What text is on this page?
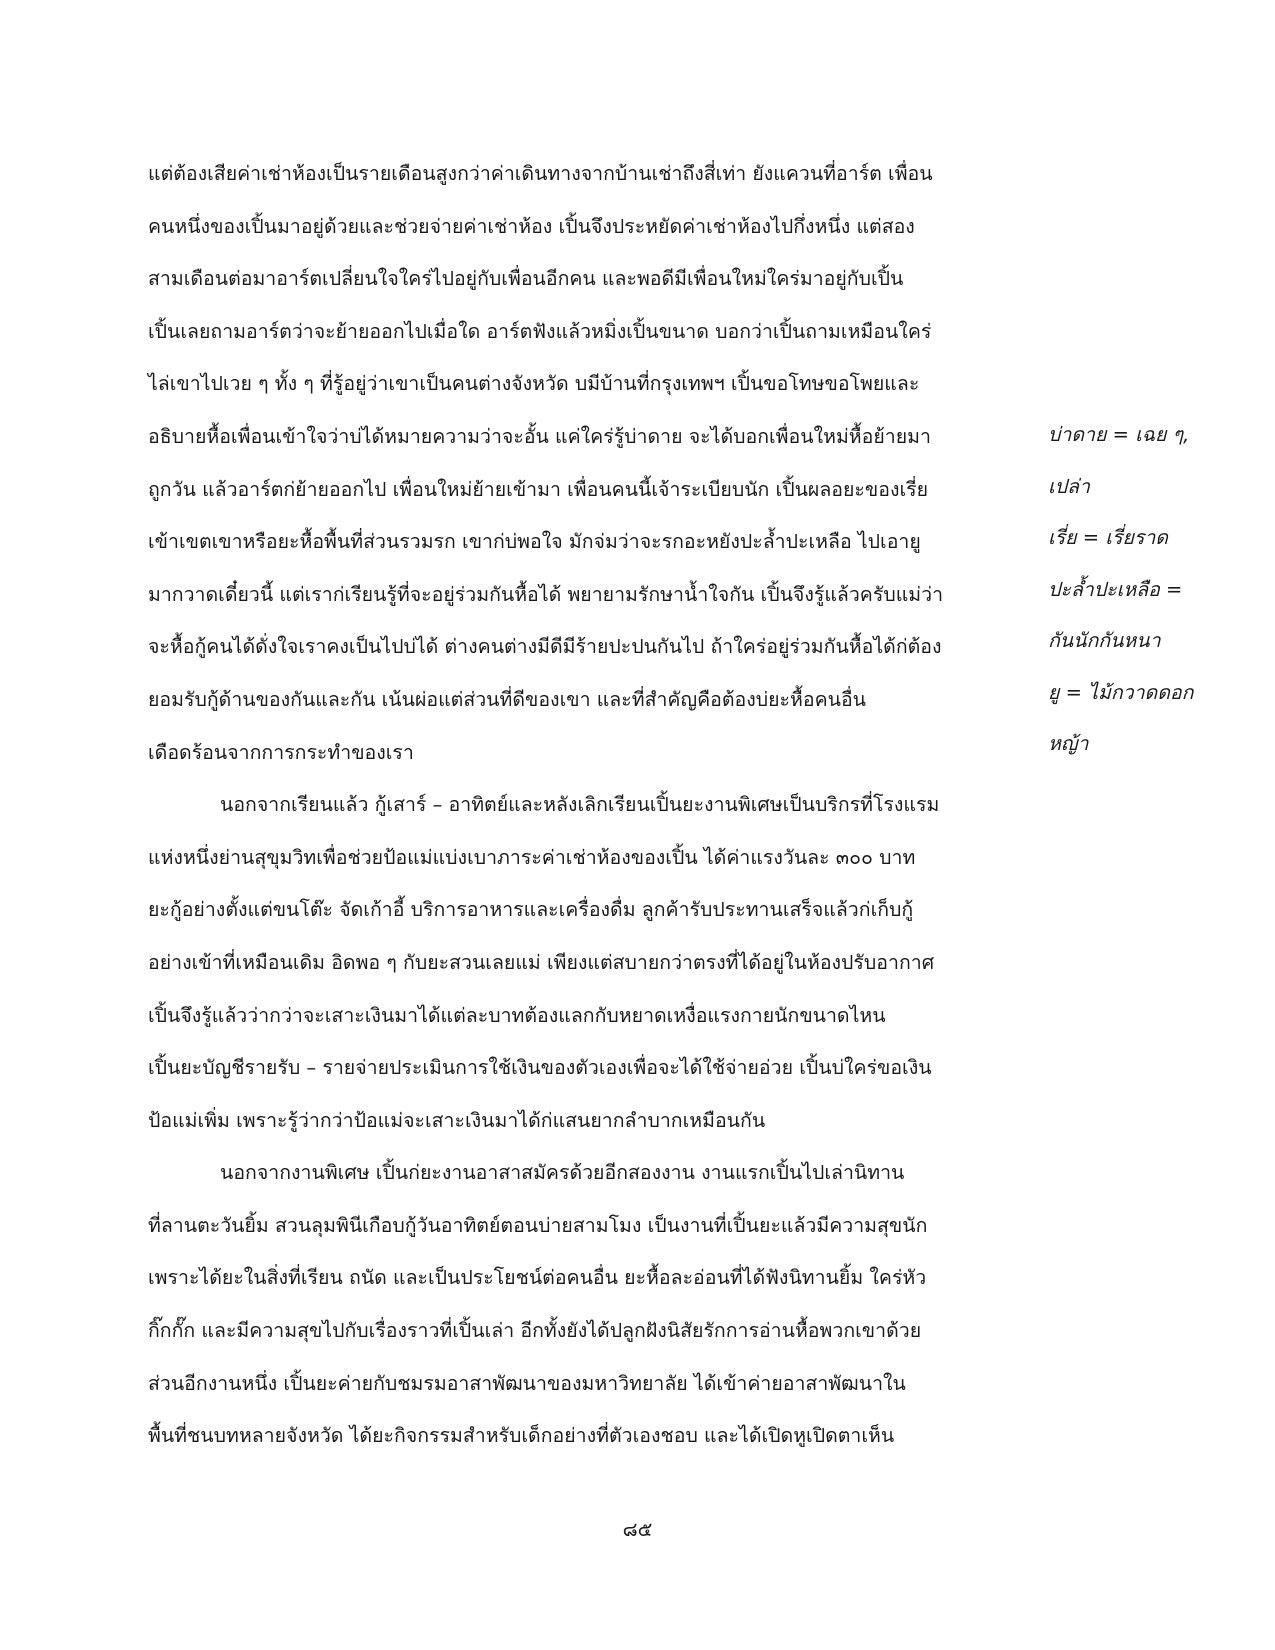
แต่ต้องเสียค่าเช่าห้องเป็นรายเดือนสูงกว่าค่าเดินทางจากบ้านเช่าถึงสี่เท่า ยังแควนที่อาร์ต เพื่อน
คนหนึ่งของเปิ้นมาอยู่ด้วยและช่วยจ่ายค่าเช่าห้อง เปิ้นจึงประหยัดค่าเช่าห้องไปกึ่งหนึ่ง แต่สอง
สามเดือนต่อมาอาร์ตเปลี่ยนใจใคร่ไปอยู่กับเพื่อนอีกคน และพอดีมีเพื่อนใหม่ใคร่มาอยู่กับเปิ้น
เปิ้นเลยถามอาร์ตว่าจะย้ายออกไปเมื่อใด อาร์ตฟังแล้วหมิ่งเปิ้นขนาด บอกว่าเปิ้นถามเหมือนใคร่
ไล่เขาไปเวย ๆ ทั้ง ๆ ที่รู้อยู่ว่าเขาเป็นคนต่างจังหวัด บมีบ้านที่กรุงเทพฯ เปิ้นขอโทษขอโพยและ
อธิบายหื้อเพื่อนเข้าใจว่าบ่ได้หมายความว่าจะอั้น แค่ใคร่รู้บ่าดาย จะได้บอกเพื่อนใหม่หื้อย้ายมา
ถูกวัน แล้วอาร์ตก่ย้ายออกไป เพื่อนใหม่ย้ายเข้ามา เพื่อนคนนี้เจ้าระเบียบนัก เปิ้นผลอยะของเรี่ย
เข้าเขตเขาหรือยะหื้อพื้นที่ส่วนรวมรก เขาก่บ่พอใจ มักจ่มว่าจะรกอะหยังปะล้ำปะเหลือ ไปเอายู
มากวาดเดี๋ยวนี้ แต่เราก่เรียนรู้ที่จะอยู่ร่วมกันหื้อได้ พยายามรักษาน้ำใจกัน เปิ้นจึงรู้แล้วครับแม่ว่า
จะหื้อกู้คนได้ดั่งใจเราคงเป็นไปบ่ได้ ต่างคนต่างมีดีมีร้ายปะปนกันไป ถ้าใคร่อยู่ร่วมกันหื้อได้ก่ต้อง
ยอมรับกู้ด้านของกันและกัน เน้นผ่อแต่ส่วนที่ดีของเขา และที่สำคัญคือต้องบ่ยะหื้อคนอื่น
เดือดร้อนจากการกระทำของเรา
นอกจากเรียนแล้ว กู้เสาร์ – อาทิตย์และหลังเลิกเรียนเปิ้นยะงานพิเศษเป็นบริกรที่โรงแรม
แห่งหนึ่งย่านสุขุมวิทเพื่อช่วยป้อแม่แบ่งเบาภาระค่าเช่าห้องของเปิ้น ได้ค่าแรงวันละ ๓๐๐ บาท
ยะกู้อย่างตั้งแต่ขนโต๊ะ จัดเก้าอี้ บริการอาหารและเครื่องดื่ม ลูกค้ารับประทานเสร็จแล้วก่เก็บกู้
อย่างเข้าที่เหมือนเดิม อิดพอ ๆ กับยะสวนเลยแม่ เพียงแต่สบายกว่าตรงที่ได้อยู่ในห้องปรับอากาศ
เปิ้นจึงรู้แล้วว่ากว่าจะเสาะเงินมาได้แต่ละบาทต้องแลกกับหยาดเหงื่อแรงกายนักขนาดไหน
เปิ้นยะบัญชีรายรับ – รายจ่ายประเมินการใช้เงินของตัวเองเพื่อจะได้ใช้จ่ายอ่วย เปิ้นบ่ใคร่ขอเงิน
ป้อแม่เพิ่ม เพราะรู้ว่ากว่าป้อแม่จะเสาะเงินมาได้ก่แสนยากลำบากเหมือนกัน
นอกจากงานพิเศษ เปิ้นก่ยะงานอาสาสมัครด้วยอีกสองงาน งานแรกเปิ้นไปเล่านิทาน
ที่ลานตะวันยิ้ม สวนลุมพินีเกือบกู้วันอาทิตย์ตอนบ่ายสามโมง เป็นงานที่เปิ้นยะแล้วมีความสุขนัก
เพราะได้ยะในสิ่งที่เรียน ถนัด และเป็นประโยชน์ต่อคนอื่น ยะหื้อละอ่อนที่ได้ฟังนิทานยิ้ม ใคร่หัว
กิ๊กกั๊ก และมีความสุขไปกับเรื่องราวที่เปิ้นเล่า อีกทั้งยังได้ปลูกฝังนิสัยรักการอ่านหื้อพวกเขาด้วย
ส่วนอีกงานหนึ่ง เปิ้นยะค่ายกับชมรมอาสาพัฒนาของมหาวิทยาลัย ได้เข้าค่ายอาสาพัฒนาใน
พื้นที่ชนบทหลายจังหวัด ได้ยะกิจกรรมสำหรับเด็กอย่างที่ตัวเองชอบ และได้เปิดหูเปิดตาเห็น
บ่าดาย = เฉย ๆ,
เปล่า
เรี่ย = เรี่ยราด
ปะล้ำปะเหลือ =
กันนักกันหนา
ยู = ไม้กวาดดอก
หญ้า
๘๕
